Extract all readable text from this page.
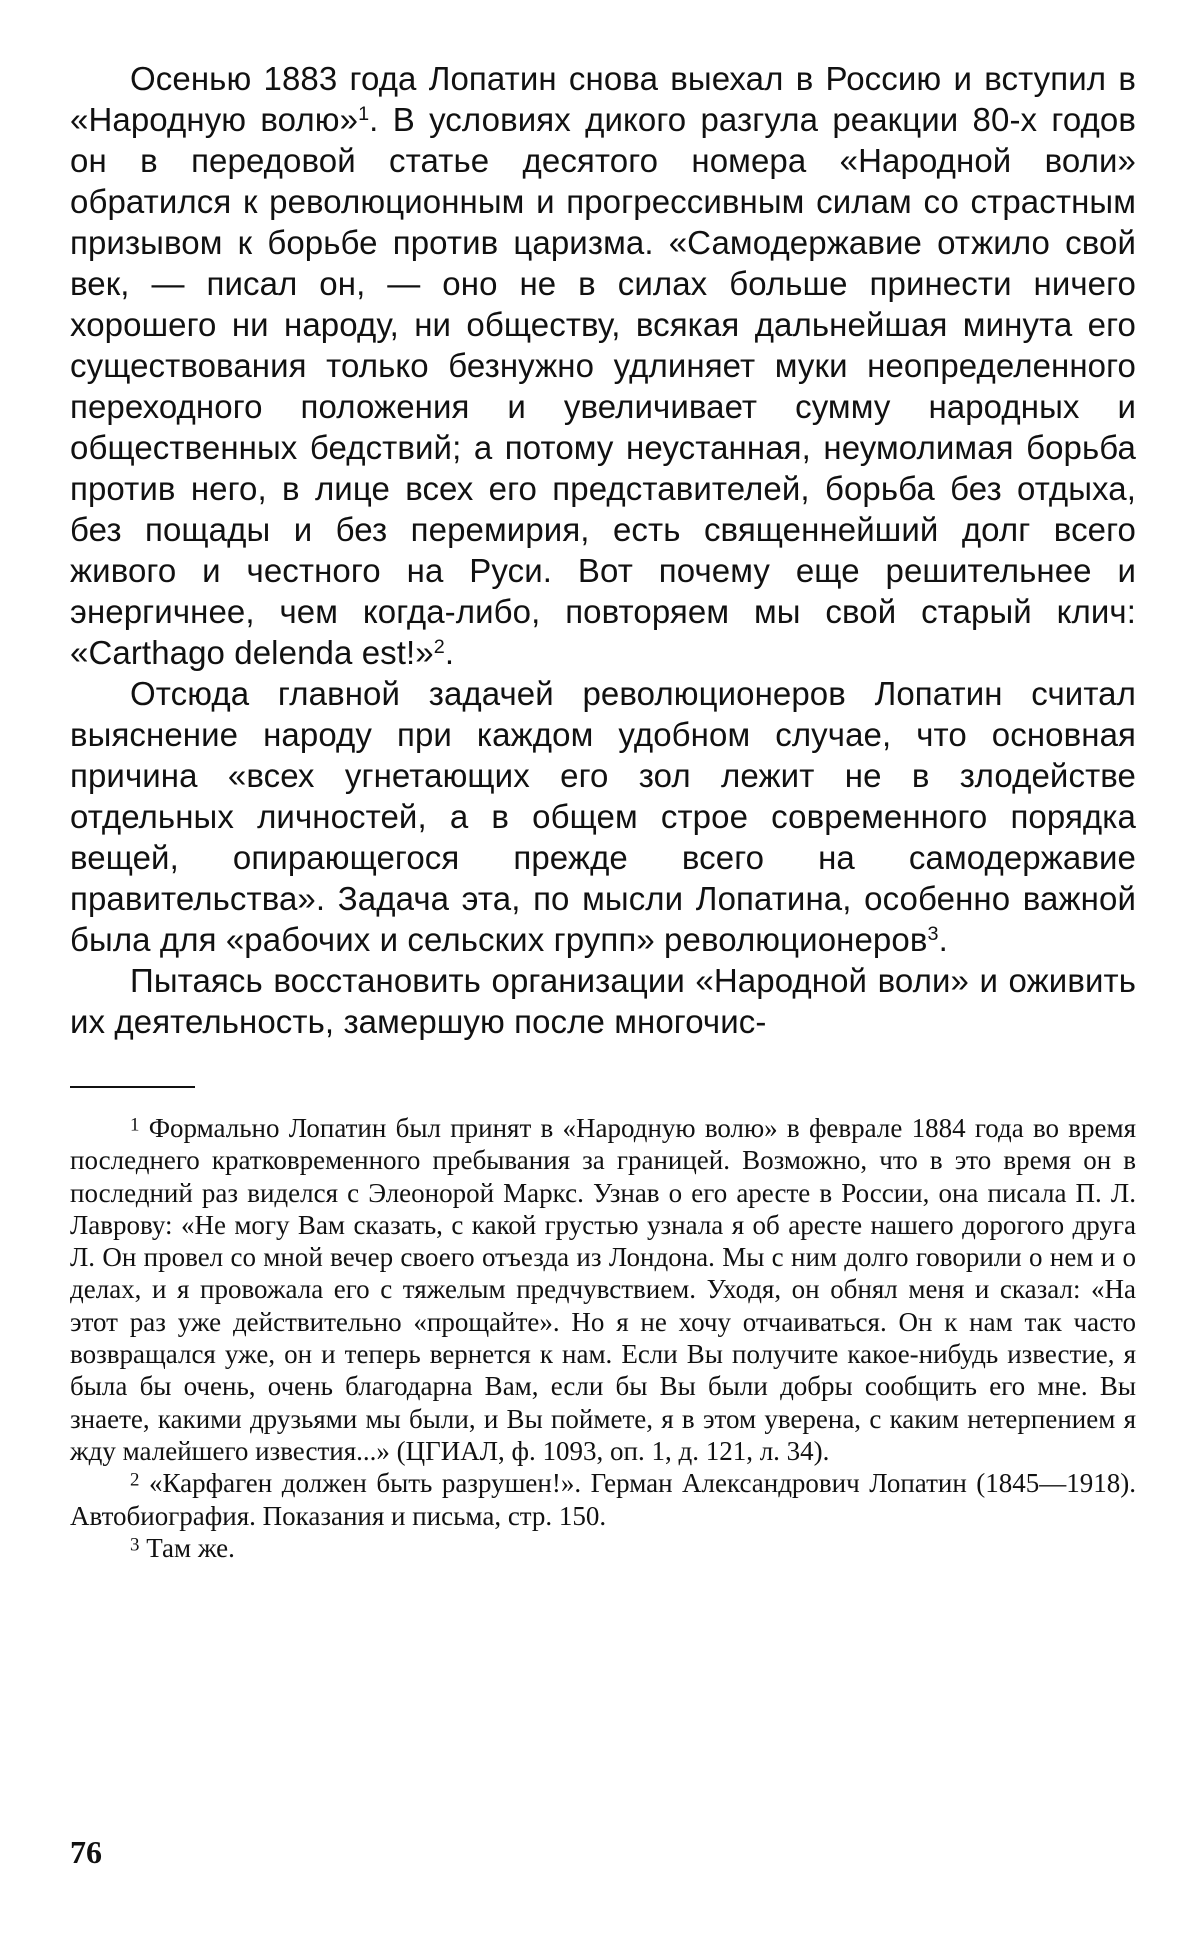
Осенью 1883 года Лопатин снова выехал в Россию и вступил в «Народную волю»$^1$. В условиях дикого разгула реакции 80-х годов он в передовой статье десятого номера «Народной воли» обратился к революционным и прогрессивным силам со страстным призывом к борьбе против царизма. «Самодержавие отжило свой век, — писал он, — оно не в силах больше принести ничего хорошего ни народу, ни обществу, всякая дальнейшая минута его существования только безнужно удлиняет муки неопределенного переходного положения и увеличивает сумму народных и общественных бедствий; а потому неустанная, неумолимая борьба против него, в лице всех его представителей, борьба без отдыха, без пощады и без перемирия, есть священнейший долг всего живого и честного на Руси. Вот почему еще решительнее и энергичнее, чем когда-либо, повторяем мы свой старый клич: «Carthago delenda est!»$^2$.

Отсюда главной задачей революционеров Лопатин считал выяснение народу при каждом удобном случае, что основная причина «всех угнетающих его зол лежит не в злодействе отдельных личностей, а в общем строе современного порядка вещей, опирающегося прежде всего на самодержавие правительства». Задача эта, по мысли Лопатина, особенно важной была для «рабочих и сельских групп» революционеров$^3$.

Пытаясь восстановить организации «Народной воли» и оживить их деятельность, замершую после многочис-

$^1$ Формально Лопатин был принят в «Народную волю» в феврале 1884 года во время последнего кратковременного пребывания за границей. Возможно, что в это время он в последний раз виделся с Элеонорой Маркс. Узнав о его аресте в России, она писала П. Л. Лаврову: «Не могу Вам сказать, с какой грустью узнала я об аресте нашего дорогого друга Л. Он провел со мной вечер своего отъезда из Лондона. Мы с ним долго говорили о нем и о делах, и я провожала его с тяжелым предчувствием. Уходя, он обнял меня и сказал: «На этот раз уже действительно «прощайте». Но я не хочу отчаиваться. Он к нам так часто возвращался уже, он и теперь вернется к нам. Если Вы получите какое-нибудь известие, я была бы очень, очень благодарна Вам, если бы Вы были добры сообщить его мне. Вы знаете, какими друзьями мы были, и Вы поймете, я в этом уверена, с каким нетерпением я жду малейшего известия...» (ЦГИАЛ, ф. 1093, оп. 1, д. 121, л. 34).

$^2$ «Карфаген должен быть разрушен!». Герман Александрович Лопатин (1845—1918). Автобиография. Показания и письма, стр. 150.

$^3$ Там же.

76
